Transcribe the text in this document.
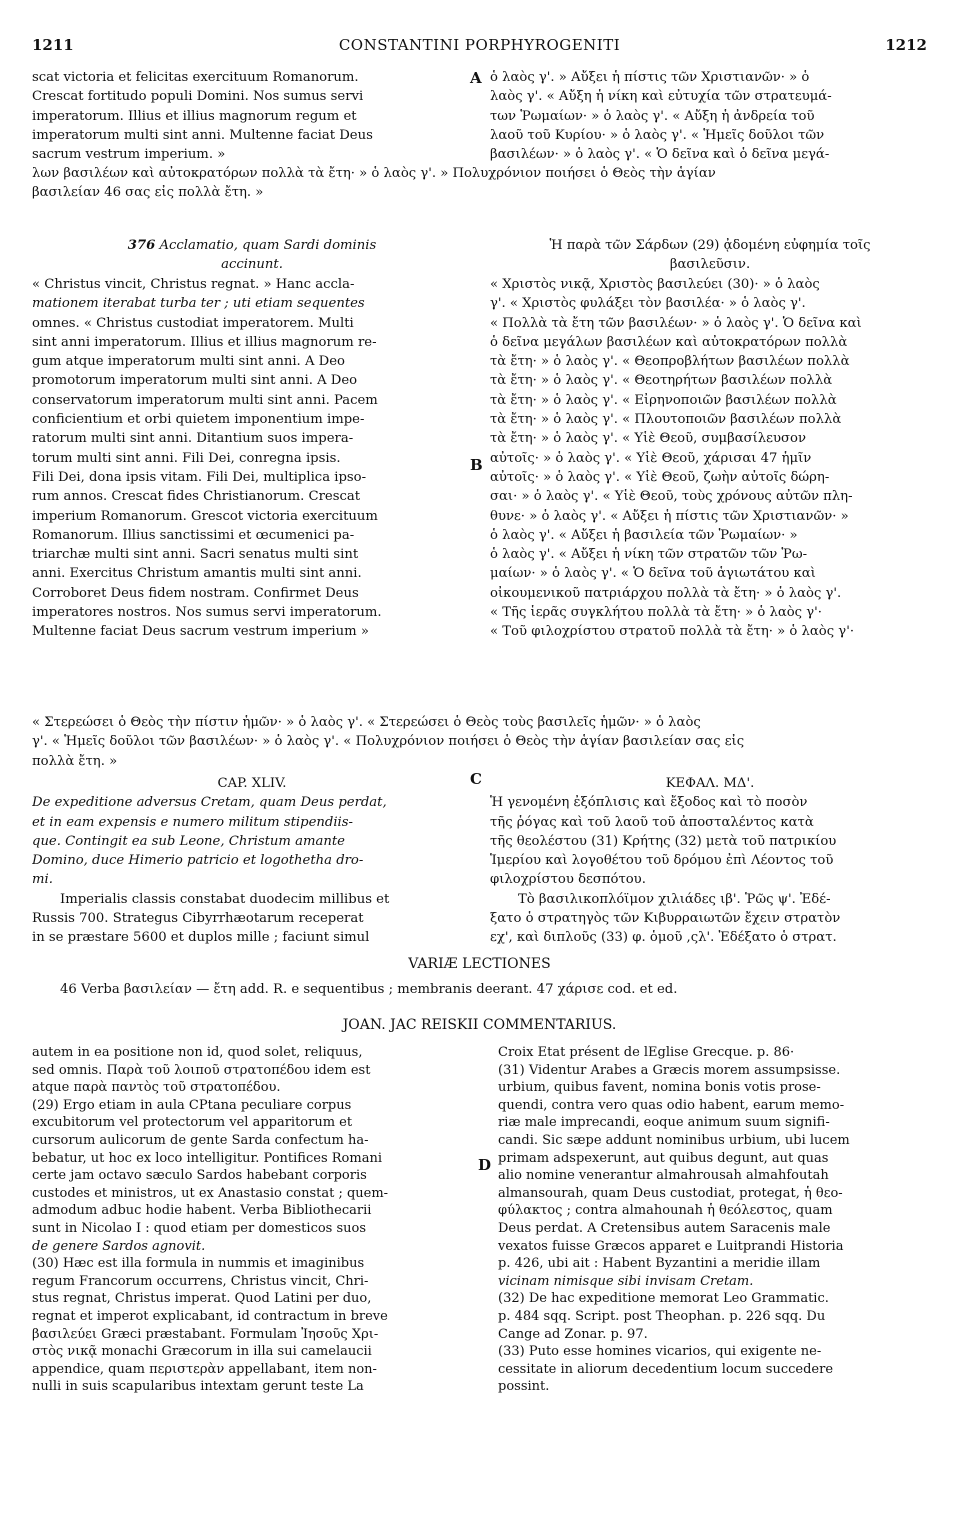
1211	CONSTANTINI PORPHYROGENITI	1212
A
B
C
D

scat victoria et felicitas exercituum Romanorum.

Crescat fortitudo populi Domini. Nos sumus servi

imperatorum. Illius et illius magnorum regum et

imperatorum multi sint anni. Multenne faciat Deus

sacrum vestrum imperium. »

ὁ λαὸς γ'. » Αὔξει ἡ πίστις τῶν Χριστιανῶν· » ὁ

λαὸς γ'. « Αὔξη ἡ νίκη καὶ εὐτυχία τῶν στρατευμά-

των Ῥωμαίων· » ὁ λαὸς γ'. « Αὔξη ἡ ἀνδρεία τοῦ

λαοῦ τοῦ Κυρίου· » ὁ λαὸς γ'. « Ἡμεῖς δοῦλοι τῶν

βασιλέων· » ὁ λαὸς γ'. « Ὁ δεῖνα καὶ ὁ δεῖνα μεγά-

λων βασιλέων καὶ αὐτοκρατόρων πολλὰ τὰ ἔτη· » ὁ λαὸς γ'. » Πολυχρόνιον ποιήσει ὁ Θεὸς τὴν ἁγίαν

βασιλείαν 46 σας εἰς πολλὰ ἔτη. »

376 Acclamatio, quam Sardi dominis

accinunt.

Ἡ παρὰ τῶν Σάρδων (29) ᾀδομένη εὐφημία τοῖς

βασιλεῦσιν.

« Christus vincit, Christus regnat. » Hanc accla-

mationem iterabat turba ter ; uti etiam sequentes

omnes. « Christus custodiat imperatorem. Multi

sint anni imperatorum. Illius et illius magnorum re-

gum atque imperatorum multi sint anni. A Deo

promotorum imperatorum multi sint anni. A Deo

conservatorum imperatorum multi sint anni. Pacem

conficientium et orbi quietem imponentium impe-

ratorum multi sint anni. Ditantium suos impera-

torum multi sint anni. Fili Dei, conregna ipsis.

Fili Dei, dona ipsis vitam. Fili Dei, multiplica ipso-

rum annos. Crescat fides Christianorum. Crescat

imperium Romanorum. Grescot victoria exercituum

Romanorum. Illius sanctissimi et œcumenici pa-

triarchæ multi sint anni. Sacri senatus multi sint

anni. Exercitus Christum amantis multi sint anni.

Corroboret Deus fidem nostram. Confirmet Deus

imperatores nostros. Nos sumus servi imperatorum.

Multenne faciat Deus sacrum vestrum imperium »

« Χριστὸς νικᾷ, Χριστὸς βασιλεύει (30)· » ὁ λαὸς

γ'. « Χριστὸς φυλάξει τὸν βασιλέα· » ὁ λαὸς γ'.

« Πολλὰ τὰ ἔτη τῶν βασιλέων· » ὁ λαὸς γ'. Ὁ δεῖνα καὶ

ὁ δεῖνα μεγάλων βασιλέων καὶ αὐτοκρατόρων πολλὰ

τὰ ἔτη· » ὁ λαὸς γ'. « Θεοπροβλήτων βασιλέων πολλὰ

τὰ ἔτη· » ὁ λαὸς γ'. « Θεοτηρήτων βασιλέων πολλὰ

τὰ ἔτη· » ὁ λαὸς γ'. « Εἰρηνοποιῶν βασιλέων πολλὰ

τὰ ἔτη· » ὁ λαὸς γ'. « Πλουτοποιῶν βασιλέων πολλὰ

τὰ ἔτη· » ὁ λαὸς γ'. « Υἱὲ Θεοῦ, συμβασίλευσον

αὐτοῖς· » ὁ λαὸς γ'. « Υἱὲ Θεοῦ, χάρισαι 47 ἡμῖν

αὐτοῖς· » ὁ λαὸς γ'. « Υἱὲ Θεοῦ, ζωὴν αὐτοῖς δώρη-

σαι· » ὁ λαὸς γ'. « Υἱὲ Θεοῦ, τοὺς χρόνους αὐτῶν πλη-

θυνε· » ὁ λαὸς γ'. « Αὔξει ἡ πίστις τῶν Χριστιανῶν· »

ὁ λαὸς γ'. « Αὔξει ἡ βασιλεία τῶν Ῥωμαίων· »

ὁ λαὸς γ'. « Αὔξει ἡ νίκη τῶν στρατῶν τῶν Ῥω-

μαίων· » ὁ λαὸς γ'. « Ὁ δεῖνα τοῦ ἁγιωτάτου καὶ

οἰκουμενικοῦ πατριάρχου πολλὰ τὰ ἔτη· » ὁ λαὸς γ'.

« Τῆς ἱερᾶς συγκλήτου πολλὰ τὰ ἔτη· » ὁ λαὸς γ'·

« Τοῦ φιλοχρίστου στρατοῦ πολλὰ τὰ ἔτη· » ὁ λαὸς γ'·

« Στερεώσει ὁ Θεὸς τὴν πίστιν ἡμῶν· » ὁ λαὸς γ'. « Στερεώσει ὁ Θεὸς τοὺς βασιλεῖς ἡμῶν· » ὁ λαὸς

γ'. « Ἡμεῖς δοῦλοι τῶν βασιλέων· » ὁ λαὸς γ'. « Πολυχρόνιον ποιήσει ὁ Θεὸς τὴν ἁγίαν βασιλείαν σας εἰς

πολλὰ ἔτη. »

CAP. XLIV.

De expeditione adversus Cretam, quam Deus perdat,

et in eam expensis e numero militum stipendiis-

que. Contingit ea sub Leone, Christum amante

Domino, duce Himerio patricio et logothetha dro-

mi.

Imperialis classis constabat duodecim millibus et

Russis 700. Strategus Cibyrrhæotarum receperat

in se præstare 5600 et duplos mille ; faciunt simul

ΚΕΦΑΛ. ΜΔ'.

Ἡ γενομένη ἐξόπλισις καὶ ἔξοδος καὶ τὸ ποσὸν

τῆς ῥόγας καὶ τοῦ λαοῦ τοῦ ἀποσταλέντος κατὰ

τῆς θεολέστου (31) Κρήτης (32) μετὰ τοῦ πατρικίου

Ἱμερίου καὶ λογοθέτου τοῦ δρόμου ἐπὶ Λέοντος τοῦ

φιλοχρίστου δεσπότου.

Τὸ βασιλικοπλόϊμον χιλιάδες ιβ'. Ῥῶς ψ'. Ἐδέ-

ξατο ὁ στρατηγὸς τῶν Κιβυρραιωτῶν ἔχειν στρατὸν

εχ', καὶ διπλοῦς (33) φ. ὁμοῦ ,ςλ'. Ἐδέξατο ὁ στρατ.

VARIÆ LECTIONES
46 Verba βασιλείαν — ἔτη add. R. e sequentibus ; membranis deerant. 47 χάρισε cod. et ed.
JOAN. JAC REISKII COMMENTARIUS.

autem in ea positione non id, quod solet, reliquus,

sed omnis. Παρὰ τοῦ λοιποῦ στρατοπέδου idem est

atque παρὰ παντὸς τοῦ στρατοπέδου.

(29) Ergo etiam in aula CPtana peculiare corpus

excubitorum vel protectorum vel apparitorum et

cursorum aulicorum de gente Sarda confectum ha-

bebatur, ut hoc ex loco intelligitur. Pontifices Romani

certe jam octavo sæculo Sardos habebant corporis

custodes et ministros, ut ex Anastasio constat ; quem-

admodum adbuc hodie habent. Verba Bibliothecarii

sunt in Nicolao I : quod etiam per domesticos suos

de genere Sardos agnovit.

(30) Hæc est illa formula in nummis et imaginibus

regum Francorum occurrens, Christus vincit, Chri-

stus regnat, Christus imperat. Quod Latini per duo,

regnat et imperot explicabant, id contractum in breve

βασιλεύει Græci præstabant. Formulam Ἰησοῦς Χρι-

στὸς νικᾷ monachi Græcorum in illa sui camelaucii

appendice, quam περιστερὰν appellabant, item non-

nulli in suis scapularibus intextam gerunt teste La

Croix Etat présent de lEglise Grecque. p. 86·

(31) Videntur Arabes a Græcis morem assumpsisse.

urbium, quibus favent, nomina bonis votis prose-

quendi, contra vero quas odio habent, earum memo-

riæ male imprecandi, eoque animum suum signifi-

candi. Sic sæpe addunt nominibus urbium, ubi lucem

primam adspexerunt, aut quibus degunt, aut quas

alio nomine venerantur almahrousah almahfoutah

almansourah, quam Deus custodiat, protegat, ἡ θεο-

φύλακτος ; contra almahounah ἡ θεόλεστος, quam

Deus perdat. A Cretensibus autem Saracenis male

vexatos fuisse Græcos apparet e Luitprandi Historia

p. 426, ubi ait : Habent Byzantini a meridie illam

vicinam nimisque sibi invisam Cretam.

(32) De hac expeditione memorat Leo Grammatic.

p. 484 sqq. Script. post Theophan. p. 226 sqq. Du

Cange ad Zonar. p. 97.

(33) Puto esse homines vicarios, qui exigente ne-

cessitate in aliorum decedentium locum succedere

possint.
